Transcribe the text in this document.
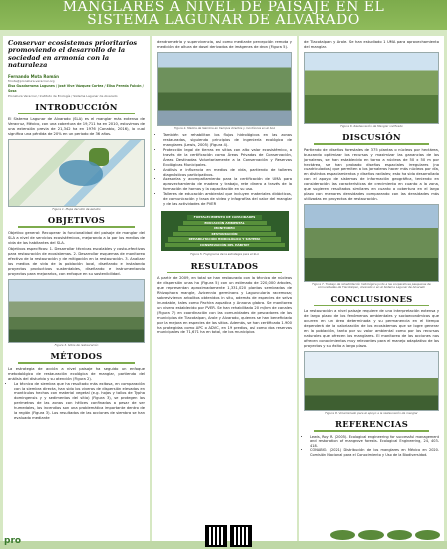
MANGLARES A NIVEL DE PAISAJE EN EL
SISTEMA LAGUNAR DE ALVARADO
Conservar ecosistemas prioritarios promoviendo el desarrollo de la sociedad en armonía con la naturaleza
Fernando Mota Román
fmota@pronatura-veracruz.org
Elsa Guadarrama Lagunes / José Vive Vázquez Cortez / Elisa Pereda Falcón / Sosa
Pronatura Veracruz / Instituto de Ecología / Sistema Lagunar de Alvarado
INTRODUCCIÓN

El Sistema Lagunar de Alvarado (SLA) es el manglar más extenso de Veracruz, México, con una cobertura de 19,711 ha en 2010, estuvimos de una extensión previa de 21,342 ha en 1976 (Conabio, 2016), lo cual significa una pérdida de 20% en un periodo de 36 años.

Figura 1. Mapa del sitio de estudio
OBJETIVOS

Objetivo general: Recuperar la funcionalidad del paisaje de manglar del SLA a nivel de servicios ecosistémicos, mejorando a la par los medios de vida de los habitantes del SLA.

Objetivos específicos: 1. Desarrollar técnicas escalables y costo-efectivas para restauración de ecosistemas. 2. Desarrollar esquemas de monitoreo efectivo de la restauración y de mitigación en la restauración. 3. Analizar los medios de vida de la población local, diseñando e instalando proyectos productivos sustentables, diseñando e instrumentando proyectos para mejorarlos, con enfoque en su sostenibilidad.

Figura 3. Sitios de restauración
MÉTODOS

La estrategia de acción a nivel paisaje ha seguido un enfoque metodológico de restauración ecológica de manglar, partiendo del análisis del disturbio y su atención (Figura 2).

• La técnica de siembra que ha resultado más exitosa, en comparación con la siembra directa, han sido los viveros de dispersión elevados en montículos hechos con material vegetal (e.g. hojas y tallos de Typha domingensis y y sedimentos del sitio) (Figura 3), se protegen los perímetros de las zonas con hélices confinados a pesar de ser humedales, los incendios son una problemática importante dentro de la región (Figura 3). Los resultados de las acciones de siembra se han evaluado mediante

dendrometría y supervivencia, así como mediante percepción remota y medición de altura de dosel derivados de imágenes de dron (Figura 5).

Figura 4. Mezcla de Siembra en tiempos directos y montículos en el SLA
• También se rehabilitan los flujos hidrológicos en las zonas restauradas, siguiendo principios de ingeniería ecológica de manglares (Lewis, 2005) (Figura 4).
• Protección legal de tierras en sitios con alto valor ecosistémico, a través de la certificación como Áreas Privadas de Conservación, Áreas Destinadas Voluntariamente a la Conservación y Reservas Ecológicas Municipales.
• Análisis e influencia en medios de vida, partiendo de talleres diagnósticos participativos.
• Asesorías y acompañamiento para la certificación de UMA para aprovechamiento de madera y trabajo, rete dinero a través de la formación de hornos y la capacitación en su uso.
• Talleres de educación ambiental que incluyen materiales didácticos, de comunicación y traza de video y infografías del valor del manglar y de las actividades de PVER
FORTALECIMIENTO DE CAPACIDADES
EDUCACIÓN AMBIENTAL
MONITOREO
RESTAURACIÓN
REHABILITACIÓN HIDROLÓGICA Y SISTEMA
CONSERVACIÓN DEL HÁBITAT
Figura 5. Flujograma de la estrategia para el SLA
RESULTADOS

A partir de 2009, en total se han restaurado con la técnica de núcleos de dispersión unas ha (Figura 5) con un estimado de 220,000 árboles, que representan aproximadamente 1,331,020 plantas sembradas de Rhizophora mangle, Avicennia germinans y Laguncularia racemosa; sobrevivieron arbolitos obtenidos in situ, además de especies de selva inundable, tales como Pachira aquatica y Annona glabra. Se monitorea un vivero establecido por PVER. Se han rehabilitado 20 m/km de canales (Figura 7) en coordinación con las comunidades de pescadores de los municipios de Tlacotalpan, Arole y Alvarado, quienes se han beneficiado por la mejora en especies de los sitios. Además, se han certificado 1.900 ha protegidas como APC o ADVC, en 19 predios, así como dos reservas municipales de 71,671 ha en total, de los municipios

de Tlacotalpan y Arole. Se han estudiado 1 UMA para aprovechamiento del manglar.

Figura 6. Restauración de Manglar vivificado
DISCUSIÓN

Partiendo de diseños forestales de 375 plantas o núcleos por hectárea, buscando optimizar los recursos y maximizar las ganancias de los jornaleros, se han establecido en torno a núcleos de 50 x 50 m por hectárea, se han probado diseños espaciales irregulares (no cuadriculados) que permiten a los jornaleros hacer más núcleos por día, en distintos espaciamientos y diseños radiales; esto ha sido desarrollado con el apoyo de sistemas de información geográfica, teniendo en consideración las características de crecimiento en cuanto a la zona, que sugieren resultados similares en cuanto a cobertura en el largo plazo con menores densidades comparando con las densidades más utilizadas en proyectos de restauración.

Figura 7. Trabajo de rehabilitación hidrológica junto a las cooperativas pesqueras de comunidades de Tlacotalpan, Alvarado o en el Sistema Lagunar de Alvarado
CONCLUSIONES

La restauración a nivel paisaje requiere de una interpretación extensa y de largo plazo de los fenómenos ambientales y socioeconómicos que ocurren en un área determinada y su permanencia en el tiempo dependerá de la valorización de los ecosistemas que se logre generar en la población, tanto por su valor ambiental como por los recursos naturales que ofrecen los manglares. El monitoreo de las acciones nos ofrecen conocimientos muy relevantes para el manejo adaptativo de los proyectos y su éxito a largo plazo.

Figura 8. Voluntariado para el apoyo a la restauración de manglar
REFERENCIAS
• Lewis, Roy R. (2005). Ecological engineering for successful management and restoration of mangrove forests. Ecological Engineering, 24, 403-418.
• CONABIO. (2021) Distribución de los manglares en México en 2020. Comisión Nacional para el Conocimiento y Uso de la Biodiversidad.
pro
